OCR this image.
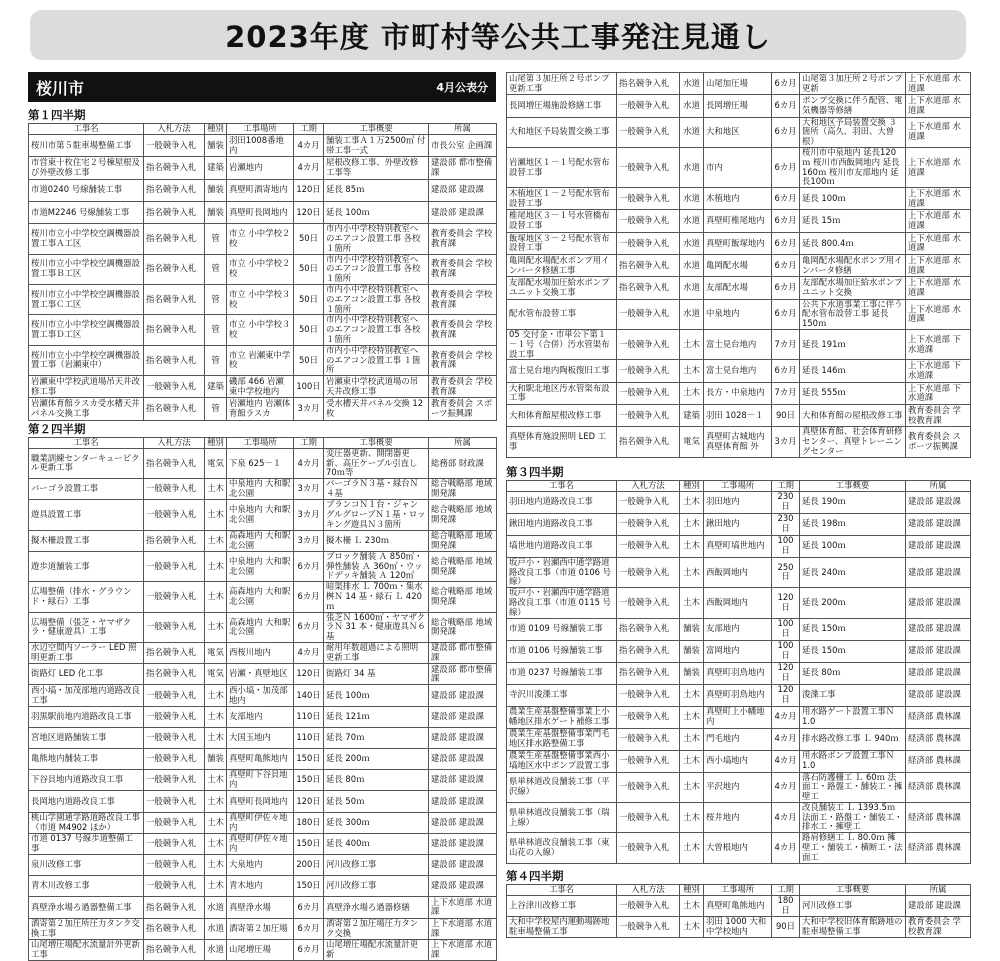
2023年度 市町村等公共工事発注見通し
桜川市	4月公表分
第１四半期
工事名	入札方法	種別	工事場所	工期	工事概要	所属
桜川市第５駐車場整備工事	一般競争入札	舗装	羽田1008番地内	4カ月	舗装工事Ａ１万2500㎡ 付帯工事一式	市長公室 企画課
市営東十枚住宅２号棟屋根及び外壁改修工事	指名競争入札	建築	岩瀬地内	4カ月	屋根改修工事、外壁改修工事等	建設部 都市整備課
市道0240 号線舗装工事	指名競争入札	舗装	真壁町酒寄地内	120日	延長 85ｍ	建設部 建設課
市道M2246 号線舗装工事	指名競争入札	舗装	真壁町長岡地内	120日	延長 100ｍ	建設部 建設課
桜川市立小中学校空調機器設置工事Ａ工区	指名競争入札	管	市立 小中学校２校	50日	市内小中学校特別教室へのエアコン設置工事 各校１箇所	教育委員会 学校教育課
桜川市立小中学校空調機器設置工事Ｂ工区	指名競争入札	管	市立 小中学校２校	50日	市内小中学校特別教室へのエアコン設置工事 各校１箇所	教育委員会 学校教育課
桜川市立小中学校空調機器設置工事Ｃ工区	指名競争入札	管	市立 小中学校３校	50日	市内小中学校特別教室へのエアコン設置工事 各校１箇所	教育委員会 学校教育課
桜川市立小中学校空調機器設置工事Ｄ工区	指名競争入札	管	市立 小中学校３校	50日	市内小中学校特別教室へのエアコン設置工事 各校１箇所	教育委員会 学校教育課
桜川市立小中学校空調機器設置工事（岩瀬東中）	指名競争入札	管	市立 岩瀬東中学校	50日	市内小中学校特別教室へのエアコン設置工事 １箇所	教育委員会 学校教育課
岩瀬東中学校武道場吊天井改修工事	一般競争入札	建築	磯部 466 岩瀬東中学校地内	100日	岩瀬東中学校武道場の吊天井改修工事	教育委員会 学校教育課
岩瀬体育館ラスカ受水槽天井パネル交換工事	指名競争入札	管	岩瀬地内 岩瀬体育館ラスカ	3カ月	受水槽天井パネル交換 12 枚	教育委員会 スポーツ振興課
第２四半期
工事名	入札方法	種別	工事場所	工期	工事概要	所属
職業訓練センターキュービクル更新工事	指名競争入札	電気	下泉 625－１	4カ月	変圧器更新、開閉器更新、高圧ケーブル引直し 70ｍ等	総務部 財政課
バーゴラ設置工事	一般競争入札	土木	中泉地内 大和駅北公園	3カ月	パーゴラＮ３基・緑台Ｎ４基	総合戦略部 地域開発課
遊具設置工事	一般競争入札	土木	中泉地内 大和駅北公園	3カ月	ブランコＮ１台・ジャングルグローブＮ１基・ロッキング遊具Ｎ３箇所	総合戦略部 地域開発課
擬木柵設置工事	指名競争入札	土木	高森地内 大和駅北公園	3カ月	擬木柵 Ｌ 230ｍ	総合戦略部 地域開発課
遊歩道舗装工事	一般競争入札	土木	中泉地内 大和駅北公園	6カ月	ブロック舗装 Ａ 850㎡・弾性舗装 Ａ 360㎡・ウッドデッキ舗装 Ａ 120㎡	総合戦略部 地域開発課
広場整備（排水・グラウンド・緑石）工事	一般競争入札	土木	高森地内 大和駅北公園	6カ月	暗渠排水 Ｌ 700ｍ・集水桝Ｎ 14 基・緑石 Ｌ 420ｍ	総合戦略部 地域開発課
広場整備（張芝・ヤマザクラ・健康遊具）工事	一般競争入札	土木	高森地内 大和駅北公園	6カ月	張芝Ｎ 1600㎡・ヤマザクラＮ 31 本・健康遊具Ｎ６基	総合戦略部 地域開発課
水辺空間内ソーラー LED 照明更新工事	指名競争入札	電気	西桜川地内	4カ月	耐用年数超過による照明更新工事	建設部 都市整備課
街路灯 LED 化工事	指名競争入札	電気	岩瀬・真壁地区	120日	街路灯 34 基	建設部 都市整備課
西小塙・加茂部地内道路改良工事	一般競争入札	土木	西小塙・加茂部地内	140日	延長 100ｍ	建設部 建設課
羽黒駅前地内道路改良工事	一般競争入札	土木	友部地内	110日	延長 121ｍ	建設部 建設課
宮地区道路舗装工事	一般競争入札	土木	大国玉地内	110日	延長 70ｍ	建設部 建設課
亀熊地内舗装工事	一般競争入札	舗装	真壁町亀熊地内	150日	延長 200ｍ	建設部 建設課
下谷貝地内道路改良工事	一般競争入札	土木	真壁町下谷貝地内	150日	延長 80ｍ	建設部 建設課
長岡地内道路改良工事	一般競争入札	土木	真壁町長岡地内	120日	延長 50ｍ	建設部 建設課
桃山学園通学路道路改良工事（市道 M4902 ほか）	一般競争入札	土木	真壁町伊佐々地内	180日	延長 300ｍ	建設部 建設課
市道 0137 号線歩道整備工事	一般競争入札	土木	真壁町伊佐々地内	150日	延長 400ｍ	建設部 建設課
泉川改修工事	一般競争入札	土木	大泉地内	200日	河川改修工事	建設部 建設課
青木川改修工事	一般競争入札	土木	青木地内	150日	河川改修工事	建設部 建設課
真壁浄水場ろ過器整備工事	指名競争入札	水道	真壁浄水場	6カ月	真壁浄水場ろ過器修繕	上下水道部 水道課
酒寄第２加圧所圧力タンク交換工事	指名競争入札	水道	酒寄第２加圧場	6カ月	酒寄第２加圧場圧力タンク交換	上下水道部 水道課
山尾増圧場配水流量計外更新工事	指名競争入札	水道	山尾増圧場	6カ月	山尾増圧場配水流量計更新	上下水道部 水道課
山尾第３加圧所２号ポンプ更新工事	指名競争入札	水道	山尾加圧場	6カ月	山尾第３加圧所２号ポンプ更新	上下水道部 水道課
長岡増圧場施設修繕工事	一般競争入札	水道	長岡増圧場	6カ月	ポンプ交換に伴う配管、電気機器等修繕	上下水道部 水道課
大和地区予局装置交換工事	一般競争入札	水道	大和地区	6カ月	大和地区予局装置交換 ３箇所（高久、羽田、大曽根）	上下水道部 水道課
岩瀬地区１－１号配水管布設替工事	一般競争入札	水道	市内	6カ月	桜川市中泉地内 延長120ｍ 桜川市西飯岡地内 延長160ｍ 桜川市友部地内 延長100ｍ	上下水道部 水道課
木植地区１－２号配水管布設替工事	一般競争入札	水道	木植地内	6カ月	延長 100ｍ	上下水道部 水道課
椎尾地区３－１号水管橋布設替工事	一般競争入札	水道	真壁町椎尾地内	6カ月	延長 15ｍ	上下水道部 水道課
飯塚地区３－２号配水管布設替工事	一般競争入札	水道	真壁町飯塚地内	6カ月	延長 800.4ｍ	上下水道部 水道課
亀岡配水場配水ポンプ用インバータ修繕工事	指名競争入札	水道	亀岡配水場	6カ月	亀岡配水場配水ポンプ用インバータ修繕	上下水道部 水道課
友部配水場加圧給水ポンプユニット交換工事	指名競争入札	水道	友部配水場	6カ月	友部配水場加圧給水ポンプユニット交換	上下水道部 水道課
配水管布設替工事	一般競争入札	水道	中泉地内	6カ月	公共下水道事業工事に伴う配水管布設替工事 延長150ｍ	上下水道部 水道課
05 交付金・市単公下第１－１号（合併）汚水管渠布設工事	一般競争入札	土木	富士見台地内	7カ月	延長 191ｍ	上下水道部 下水道課
富士見台地内陶板復旧工事	一般競争入札	土木	富士見台地内	6カ月	延長 146ｍ	上下水道部 下水道課
大和駅北地区汚水管渠布設工事	一般競争入札	土木	長方・中泉地内	7カ月	延長 555ｍ	上下水道部 下水道課
大和体育館屋根改修工事	一般競争入札	建築	羽田 1028－１	90日	大和体育館の屋根改修工事	教育委員会 学校教育課
真壁体育施設照明 LED 工事	指名競争入札	電気	真壁町古城地内 真壁体育館 外	3カ月	真壁体育館、社会体育研修センター、真壁トレーニングセンター	教育委員会 スポーツ振興課
第３四半期
工事名	入札方法	種別	工事場所	工期	工事概要	所属
羽田地内道路改良工事	一般競争入札	土木	羽田地内	230日	延長 190ｍ	建設部 建設課
鍬田地内道路改良工事	一般競争入札	土木	鍬田地内	230日	延長 198ｍ	建設部 建設課
塙世地内道路改良工事	一般競争入札	土木	真壁町塙世地内	100日	延長 100ｍ	建設部 建設課
坂戸小・岩瀬西中通学路道路改良工事（市道 0106 号線）	一般競争入札	土木	西飯岡地内	250日	延長 240ｍ	建設部 建設課
坂戸小・岩瀬西中通学路道路改良工事（市道 0115 号線）	一般競争入札	土木	西飯岡地内	120日	延長 200ｍ	建設部 建設課
市道 0109 号線舗装工事	指名競争入札	舗装	友部地内	100日	延長 150ｍ	建設部 建設課
市道 0106 号線舗装工事	指名競争入札	舗装	富岡地内	100日	延長 150ｍ	建設部 建設課
市道 0237 号線舗装工事	指名競争入札	舗装	真壁町羽鳥地内	120日	延長 80ｍ	建設部 建設課
寺沢川浚渫工事	一般競争入札	土木	真壁町羽鳥地内	120日	浚渫工事	建設部 建設課
農業生産基盤整備事業上小幡地区排水ゲート補修工事	一般競争入札	土木	真壁町上小幡地内	4カ月	用水路ゲート設置工事Ｎ 1.0	経済部 農林課
農業生産基盤整備事業門毛地区排水路整備工事	一般競争入札	土木	門毛地内	4カ月	排水路改修工事 Ｌ 940ｍ	経済部 農林課
農業生産基盤整備事業西小塙地区水中ポンプ設置工事	一般競争入札	土木	西小塙地内	4カ月	用水路ポンプ設置工事Ｎ 1.0	経済部 農林課
県単林道改良舗装工事（平沢線）	一般競争入札	土木	平沢地内	4カ月	落石防護柵工 Ｌ 60ｍ 法面工・路盤工・舗装工・擁壁工	経済部 農林課
県単林道改良舗装工事（瑞上線）	一般競争入札	土木	桜井地内	4カ月	改良舗装工 Ｌ 1393.5ｍ 法面工・路盤工・舗装工・排水工・擁壁工	経済部 農林課
県単林道改良舗装工事（東山花の入線）	一般競争入札	土木	大曽根地内	4カ月	路肩修繕工 Ｌ 80.0ｍ 擁壁工・舗装工・横断工・法面工	経済部 農林課
第４四半期
工事名	入札方法	種別	工事場所	工期	工事概要	所属
上谷津川改修工事	一般競争入札	土木	真壁町亀熊地内	180日	河川改修工事	建設部 建設課
大和中学校屋内運動場跡地駐車場整備工事	一般競争入札	土木	羽田 1000 大和中学校地内	90日	大和中学校旧体育館跡地の駐車場整備工事	教育委員会 学校教育課
